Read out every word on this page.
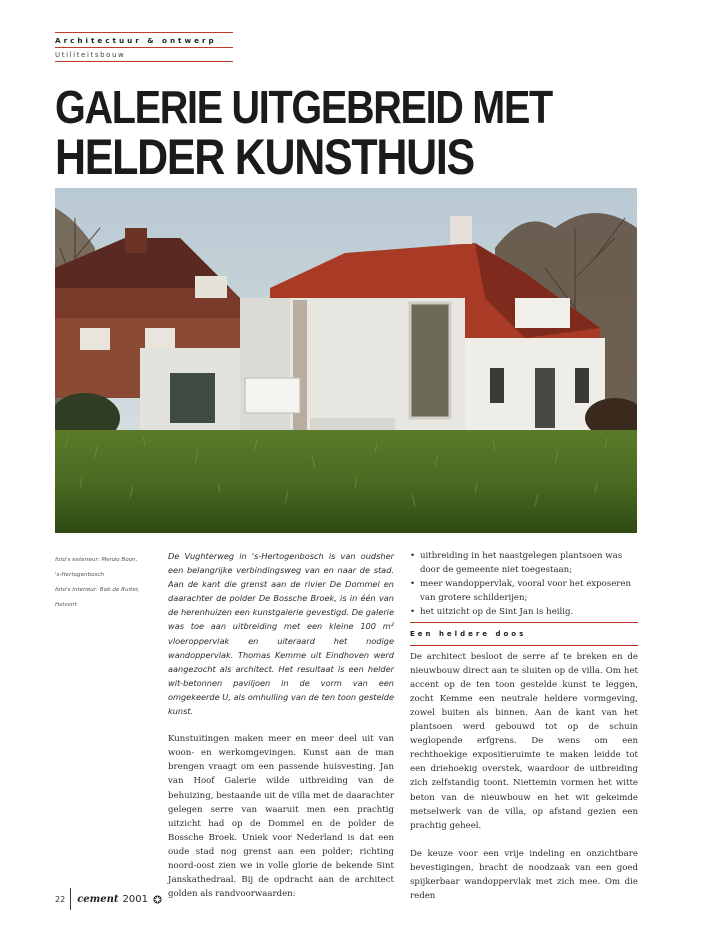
Architectuur & ontwerp
Utiliteitsbouw
GALERIE UITGEBREID MET
HELDER KUNSTHUIS
foto's exterieur: Menzo Boon,
's-Hertogenbosch
foto's interieur: Bob de Ruiter,
Helvoirt

De Vughterweg in 's-Hertogenbosch is van oudsher een belangrijke verbindingsweg van en naar de stad. Aan de kant die grenst aan de rivier De Dommel en daarachter de polder De Bossche Broek, is in één van de herenhuizen een kunstgalerie gevestigd. De galerie was toe aan uitbreiding met een kleine 100 m² vloeroppervlak en uiteraard het nodige wandoppervlak. Thomas Kemme uit Eindhoven werd aangezocht als architect. Het resultaat is een helder wit-betonnen paviljoen in de vorm van een omgekeerde U, als omhulling van de ten toon gestelde kunst.

Kunstuitingen maken meer en meer deel uit van woon- en werkomgevingen. Kunst aan de man brengen vraagt om een passende huisvesting. Jan van Hoof Galerie wilde uitbreiding van de behuizing, bestaande uit de villa met de daarachter gelegen serre van waaruit men een prachtig uitzicht had op de Dommel en de polder de Bossche Broek. Uniek voor Nederland is dat een oude stad nog grenst aan een polder; richting noord-oost zien we in volle glorie de bekende Sint Janskathedraal. Bij de opdracht aan de architect golden als randvoorwaarden:

• uitbreiding in het naastgelegen plantsoen was door de gemeente niet toegestaan;
• meer wandoppervlak, vooral voor het exposeren van grotere schilderijen;
• het uitzicht op de Sint Jan is heilig.
Een heldere doos

De architect besloot de serre af te breken en de nieuwbouw direct aan te sluiten op de villa. Om het accent op de ten toon gestelde kunst te leggen, zocht Kemme een neutrale heldere vormgeving, zowel buiten als binnen. Aan de kant van het plantsoen werd gebouwd tot op de schuin weglopende erfgrens. De wens om een rechthoekige expositieruimte te maken leidde tot een driehoekig overstek, waardoor de uitbreiding zich zelfstandig toont. Niettemin vormen het witte beton van de nieuwbouw en het wit gekeimde metselwerk van de villa, op afstand gezien een prachtig geheel.

De keuze voor een vrije indeling en onzichtbare bevestigingen, bracht de noodzaak van een goed spijkerbaar wandoppervlak met zich mee. Om die reden

22	cement 2001
